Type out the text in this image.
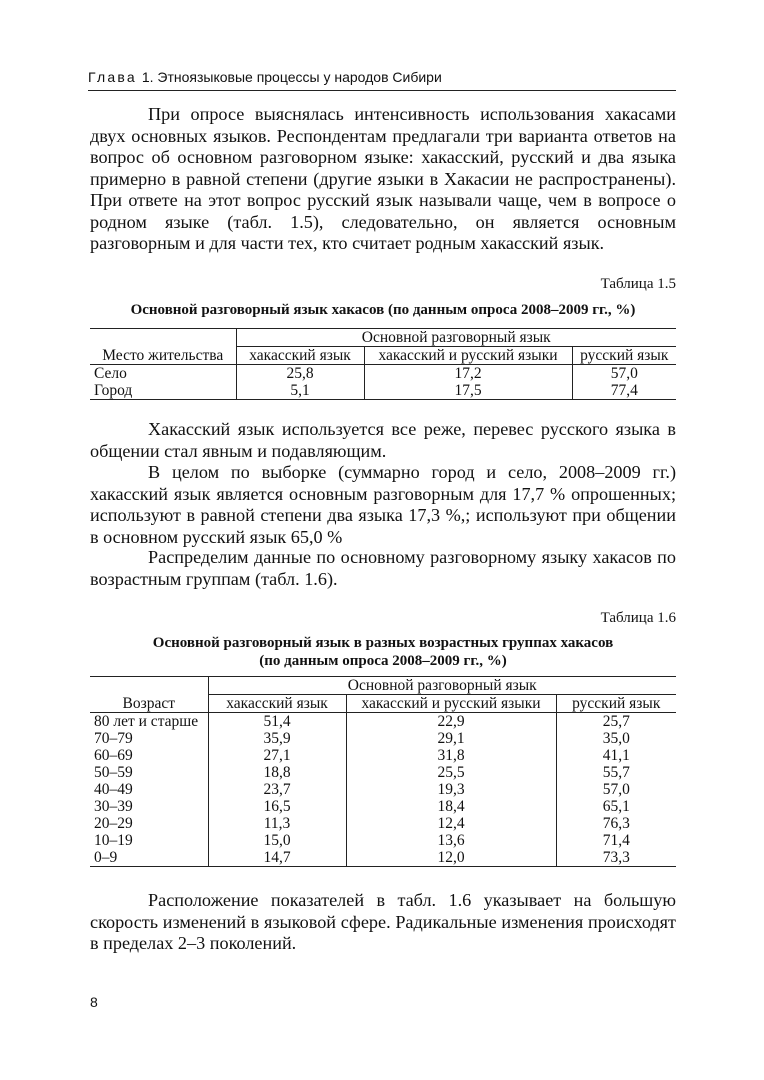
Глава 1. Этноязыковые процессы у народов Сибири

При опросе выяснялась интенсивность использования хакасами двух основных языков. Респондентам предлагали три варианта ответов на вопрос об основном разговорном языке: хакасский, русский и два языка примерно в равной степени (другие языки в Хакасии не распространены). При ответе на этот вопрос русский язык называли чаще, чем в вопросе о родном языке (табл. 1.5), следовательно, он является основным разговорным и для части тех, кто считает родным хакасский язык.

Таблица 1.5
Основной разговорный язык хакасов (по данным опроса 2008–2009 гг., %)
Место жительства	Основной разговорный язык		
	хакасский язык	хакасский и русский языки	русский язык
Село	25,8	17,2	57,0
Город	5,1	17,5	77,4

Хакасский язык используется все реже, перевес русского языка в общении стал явным и подавляющим.

В целом по выборке (суммарно город и село, 2008–2009 гг.) хакасский язык является основным разговорным для 17,7 % опрошенных; используют в равной степени два языка 17,3 %,; используют при общении в основном русский язык 65,0 %

Распределим данные по основному разговорному языку хакасов по возрастным группам (табл. 1.6).

Таблица 1.6
Основной разговорный язык в разных возрастных группах хакасов
(по данным опроса 2008–2009 гг., %)
Возраст	Основной разговорный язык		
	хакасский язык	хакасский и русский языки	русский язык
80 лет и старше	51,4	22,9	25,7
70–79	35,9	29,1	35,0
60–69	27,1	31,8	41,1
50–59	18,8	25,5	55,7
40–49	23,7	19,3	57,0
30–39	16,5	18,4	65,1
20–29	11,3	12,4	76,3
10–19	15,0	13,6	71,4
0–9	14,7	12,0	73,3

Расположение показателей в табл. 1.6 указывает на большую скорость изменений в языковой сфере. Радикальные изменения происходят в пределах 2–3 поколений.

8
